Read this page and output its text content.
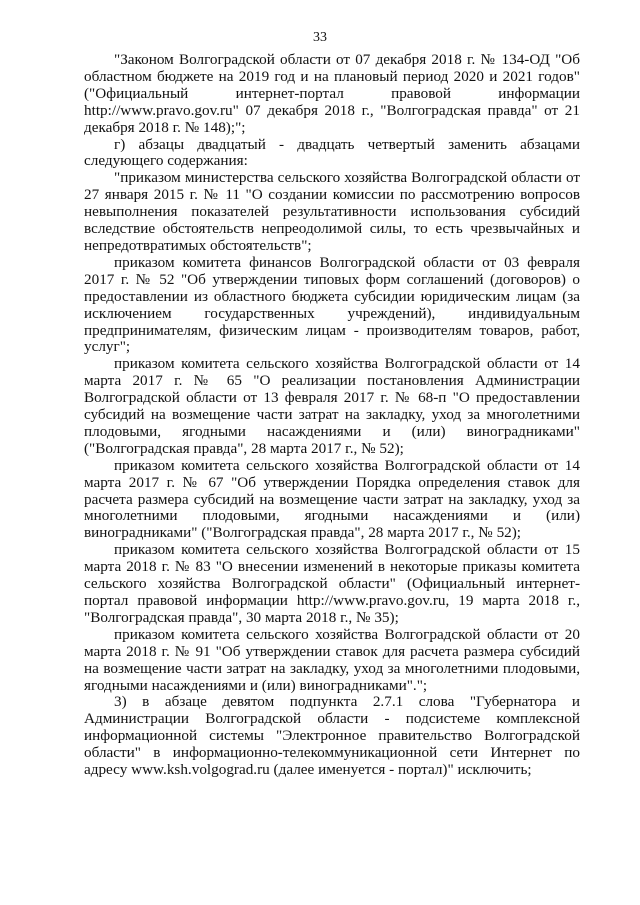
33

"Законом Волгоградской области от 07 декабря 2018 г. № 134-ОД "Об областном бюджете на 2019 год и на плановый период 2020 и 2021 годов" ("Официальный интернет-портал правовой информации http://www.pravo.gov.ru" 07 декабря 2018 г., "Волгоградская правда" от 21 декабря 2018 г. № 148);";

г) абзацы двадцатый - двадцать четвертый заменить абзацами следующего содержания:

"приказом министерства сельского хозяйства Волгоградской области от 27 января 2015 г. № 11 "О создании комиссии по рассмотрению вопросов невыполнения показателей результативности использования субсидий вследствие обстоятельств непреодолимой силы, то есть чрезвычайных и непредотвратимых обстоятельств";

приказом комитета финансов Волгоградской области от 03 февраля 2017 г. № 52 "Об утверждении типовых форм соглашений (договоров) о предоставлении из областного бюджета субсидии юридическим лицам (за исключением государственных учреждений), индивидуальным предпринимателям, физическим лицам - производителям товаров, работ, услуг";

приказом комитета сельского хозяйства Волгоградской области от 14 марта 2017 г. № 65 "О реализации постановления Администрации Волгоградской области от 13 февраля 2017 г. № 68-п "О предоставлении субсидий на возмещение части затрат на закладку, уход за многолетними плодовыми, ягодными насаждениями и (или) виноградниками" ("Волгоградская правда", 28 марта 2017 г., № 52);

приказом комитета сельского хозяйства Волгоградской области от 14 марта 2017 г. № 67 "Об утверждении Порядка определения ставок для расчета размера субсидий на возмещение части затрат на закладку, уход за многолетними плодовыми, ягодными насаждениями и (или) виноградниками" ("Волгоградская правда", 28 марта 2017 г., № 52);

приказом комитета сельского хозяйства Волгоградской области от 15 марта 2018 г. № 83 "О внесении изменений в некоторые приказы комитета сельского хозяйства Волгоградской области" (Официальный интернет-портал правовой информации http://www.pravo.gov.ru, 19 марта 2018 г., "Волгоградская правда", 30 марта 2018 г., № 35);

приказом комитета сельского хозяйства Волгоградской области от 20 марта 2018 г. № 91 "Об утверждении ставок для расчета размера субсидий на возмещение части затрат на закладку, уход за многолетними плодовыми, ягодными насаждениями и (или) виноградниками".";

3) в абзаце девятом подпункта 2.7.1 слова "Губернатора и Администрации Волгоградской области - подсистеме комплексной информационной системы "Электронное правительство Волгоградской области" в информационно-телекоммуникационной сети Интернет по адресу www.ksh.volgograd.ru (далее именуется - портал)" исключить;
